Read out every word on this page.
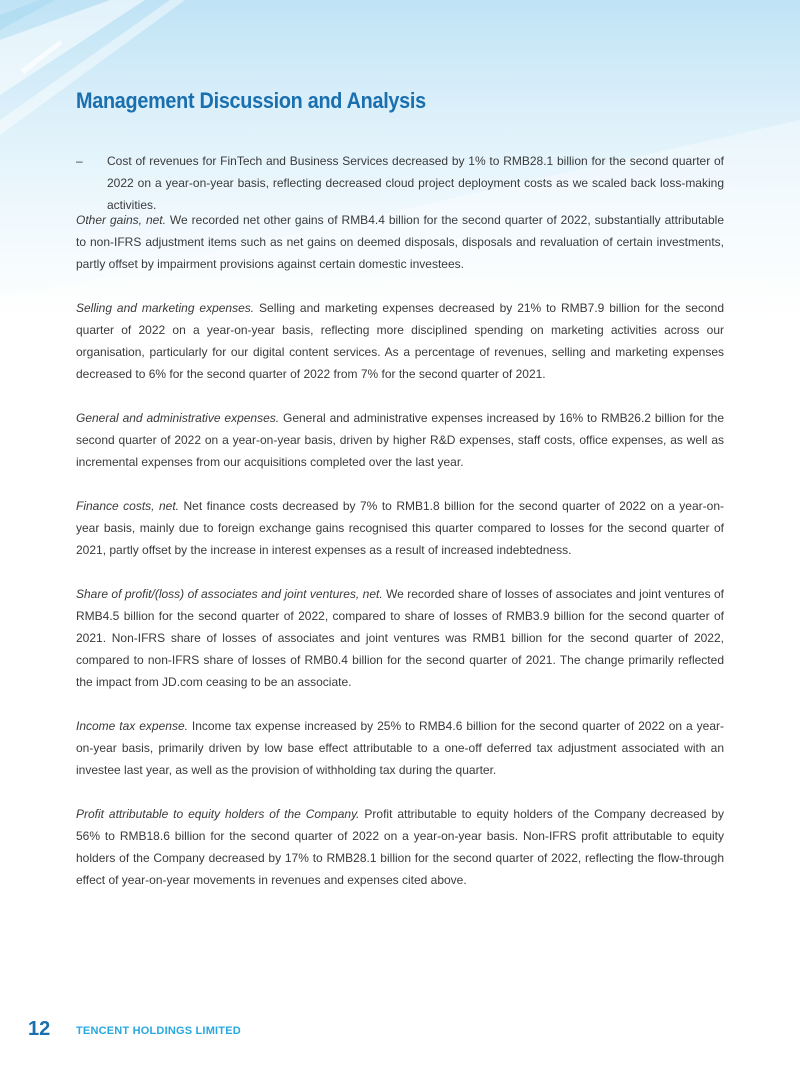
Management Discussion and Analysis
– Cost of revenues for FinTech and Business Services decreased by 1% to RMB28.1 billion for the second quarter of 2022 on a year-on-year basis, reflecting decreased cloud project deployment costs as we scaled back loss-making activities.
Other gains, net. We recorded net other gains of RMB4.4 billion for the second quarter of 2022, substantially attributable to non-IFRS adjustment items such as net gains on deemed disposals, disposals and revaluation of certain investments, partly offset by impairment provisions against certain domestic investees.
Selling and marketing expenses. Selling and marketing expenses decreased by 21% to RMB7.9 billion for the second quarter of 2022 on a year-on-year basis, reflecting more disciplined spending on marketing activities across our organisation, particularly for our digital content services. As a percentage of revenues, selling and marketing expenses decreased to 6% for the second quarter of 2022 from 7% for the second quarter of 2021.
General and administrative expenses. General and administrative expenses increased by 16% to RMB26.2 billion for the second quarter of 2022 on a year-on-year basis, driven by higher R&D expenses, staff costs, office expenses, as well as incremental expenses from our acquisitions completed over the last year.
Finance costs, net. Net finance costs decreased by 7% to RMB1.8 billion for the second quarter of 2022 on a year-on-year basis, mainly due to foreign exchange gains recognised this quarter compared to losses for the second quarter of 2021, partly offset by the increase in interest expenses as a result of increased indebtedness.
Share of profit/(loss) of associates and joint ventures, net. We recorded share of losses of associates and joint ventures of RMB4.5 billion for the second quarter of 2022, compared to share of losses of RMB3.9 billion for the second quarter of 2021. Non-IFRS share of losses of associates and joint ventures was RMB1 billion for the second quarter of 2022, compared to non-IFRS share of losses of RMB0.4 billion for the second quarter of 2021. The change primarily reflected the impact from JD.com ceasing to be an associate.
Income tax expense. Income tax expense increased by 25% to RMB4.6 billion for the second quarter of 2022 on a year-on-year basis, primarily driven by low base effect attributable to a one-off deferred tax adjustment associated with an investee last year, as well as the provision of withholding tax during the quarter.
Profit attributable to equity holders of the Company. Profit attributable to equity holders of the Company decreased by 56% to RMB18.6 billion for the second quarter of 2022 on a year-on-year basis. Non-IFRS profit attributable to equity holders of the Company decreased by 17% to RMB28.1 billion for the second quarter of 2022, reflecting the flow-through effect of year-on-year movements in revenues and expenses cited above.
12 TENCENT HOLDINGS LIMITED
